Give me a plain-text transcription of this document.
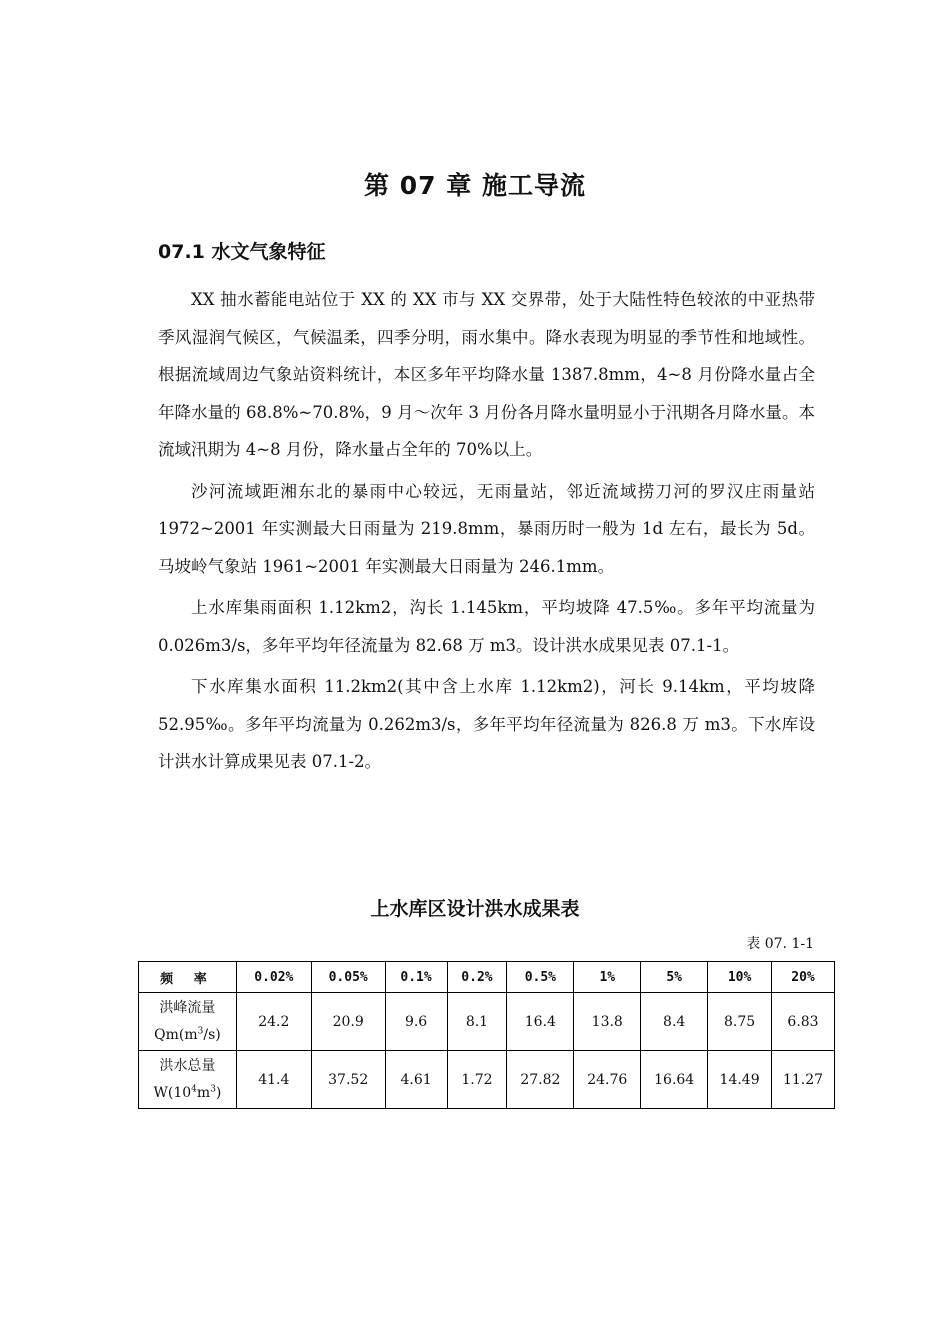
第 07 章 施工导流
07.1 水文气象特征

XX 抽水蓄能电站位于 XX 的 XX 市与 XX 交界带，处于大陆性特色较浓的中亚热带季风湿润气候区，气候温柔，四季分明，雨水集中。降水表现为明显的季节性和地域性。根据流域周边气象站资料统计，本区多年平均降水量 1387.8mm，4~8 月份降水量占全年降水量的 68.8%~70.8%，9 月～次年 3 月份各月降水量明显小于汛期各月降水量。本流域汛期为 4~8 月份，降水量占全年的 70%以上。

沙河流域距湘东北的暴雨中心较远，无雨量站，邻近流域捞刀河的罗汉庄雨量站 1972~2001 年实测最大日雨量为 219.8mm，暴雨历时一般为 1d 左右，最长为 5d。马坡岭气象站 1961~2001 年实测最大日雨量为 246.1mm。

上水库集雨面积 1.12km2，沟长 1.145km，平均坡降 47.5‰。多年平均流量为 0.026m3/s，多年平均年径流量为 82.68 万 m3。设计洪水成果见表 07.1-1。

下水库集水面积 11.2km2(其中含上水库 1.12km2)，河长 9.14km，平均坡降 52.95‰。多年平均流量为 0.262m3/s，多年平均年径流量为 826.8 万 m3。下水库设计洪水计算成果见表 07.1-2。

上水库区设计洪水成果表
表 07. 1-1
频 率	0.02%	0.05%	0.1%	0.2%	0.5%	1%	5%	10%	20%
洪峰流量
$Qm(m^3/s)$	24.2	20.9	9.6	8.1	16.4	13.8	8.4	8.75	6.83
洪水总量
$W(10^4m^3)$	41.4	37.52	4.61	1.72	27.82	24.76	16.64	14.49	11.27
